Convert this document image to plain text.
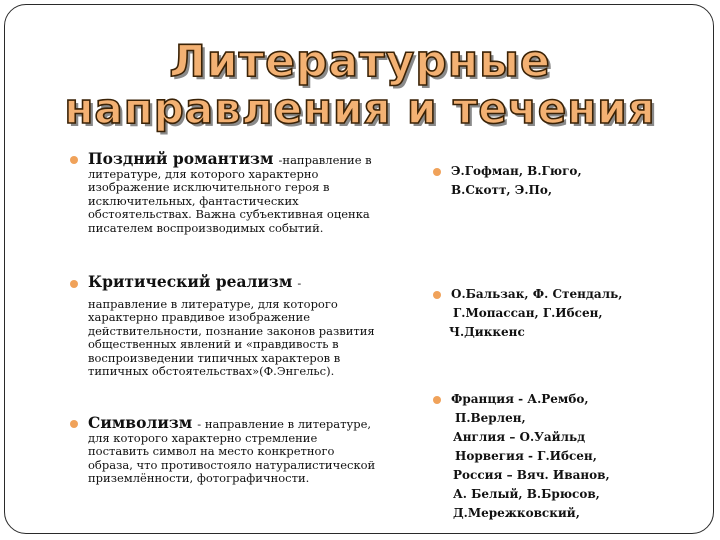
Литературные
направления и течения
Поздний романтизм -направление в
литературе, для которого характерно изображение исключительного героя в исключительных, фантастических обстоятельствах. Важна субъективная оценка писателем воспроизводимых событий.
Критический реализм -
направление в литературе, для которого характерно правдивое изображение действительности, познание законов развития общественных явлений и «правдивость в воспроизведении типичных характеров в типичных обстоятельствах»(Ф.Энгельс).
Символизм - направление в литературе,
для которого характерно стремление поставить символ на место конкретного образа, что противостояло натуралистической приземлённости, фотографичности.
Э.Гофман, В.Гюго,
В.Скотт, Э.По,
О.Бальзак, Ф. Стендаль,
Г.Мопассан, Г.Ибсен,
Ч.Диккенс
Франция - А.Рембо,
П.Верлен,
Англия – О.Уайльд
Норвегия - Г.Ибсен,
Россия – Вяч. Иванов,
А. Белый, В.Брюсов,
Д.Мережковский,
